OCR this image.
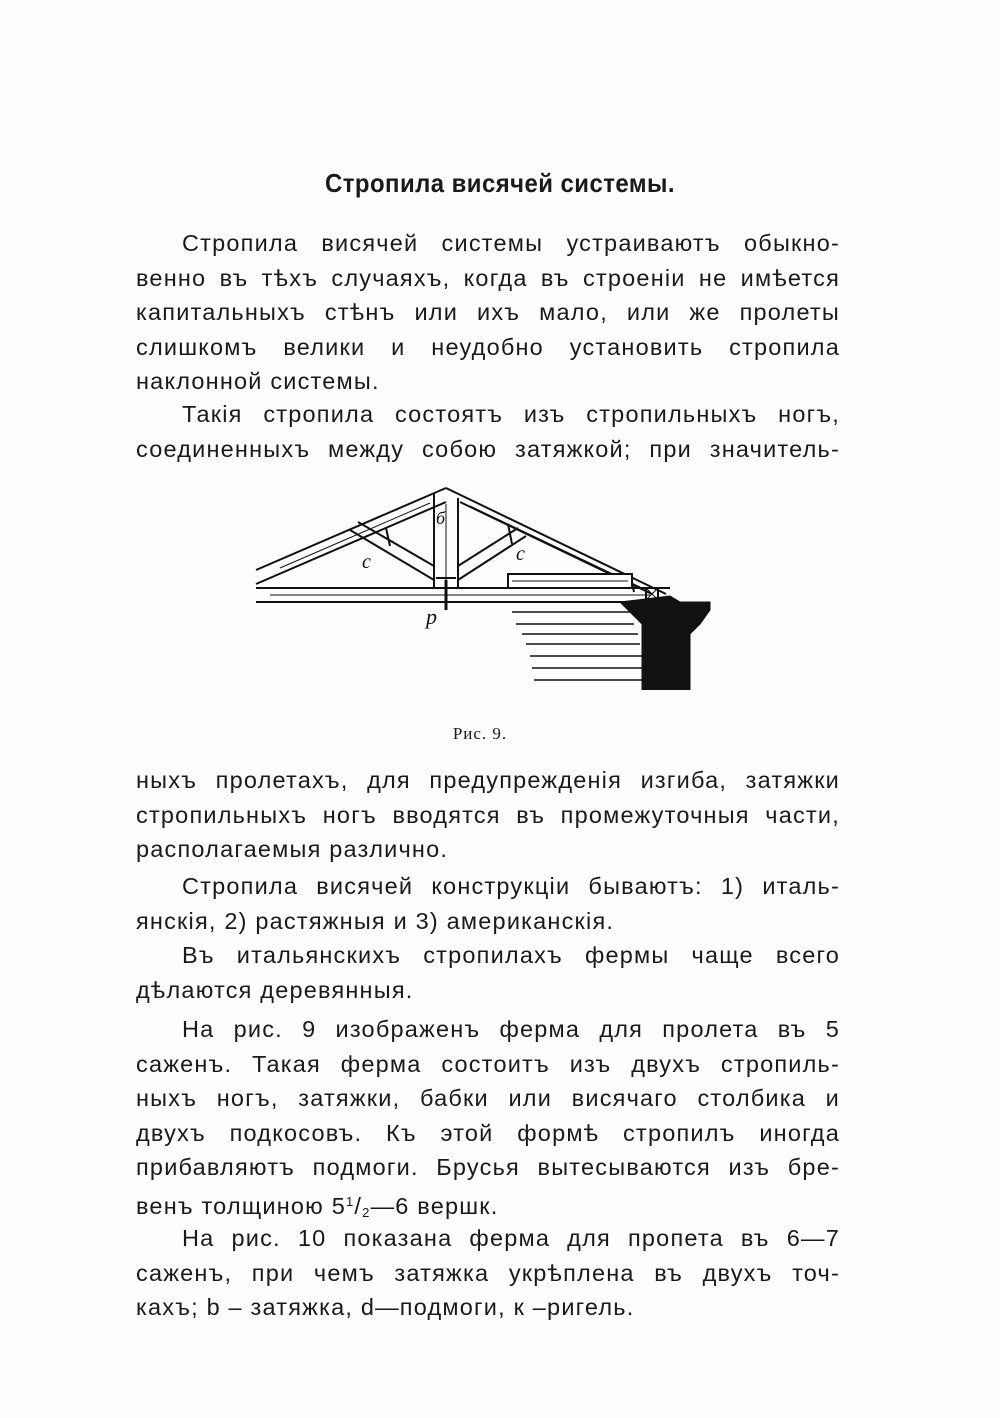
Стропила висячей системы.
Стропила висячей системы устраиваютъ обыкно-
венно въ тѣхъ случаяхъ, когда въ строенiи не имѣется
капитальныхъ стѣнъ или ихъ мало, или же пролеты
слишкомъ велики и неудобно установить стропила
наклонной системы.
Такiя стропила состоятъ изъ стропильныхъ ногъ,
соединенныхъ между собою затяжкой; при значитель-
с	с
б
р
Рис. 9.
ныхъ пролетахъ, для предупрежденiя изгиба, затяжки
стропильныхъ ногъ вводятся въ промежуточныя части,
располагаемыя различно.
Стропила висячей конструкцiи бываютъ: 1) италь-
янскiя, 2) растяжныя и 3) американскiя.
Въ итальянскихъ стропилахъ фермы чаще всего
дѣлаются деревянныя.
На рис. 9 изображенъ ферма для пролета въ 5
саженъ. Такая ферма состоитъ изъ двухъ стропиль-
ныхъ ногъ, затяжки, бабки или висячаго столбика и
двухъ подкосовъ. Къ этой формѣ стропилъ иногда
прибавляютъ подмоги. Брусья вытесываются изъ бре-
венъ толщиною $5^1/_2—6$ вершк.
На рис. 10 показана ферма для пропета въ 6—7
саженъ, при чемъ затяжка укрѣплена въ двухъ точ-
кахъ; b – затяжка, d—подмоги, к –ригель.
